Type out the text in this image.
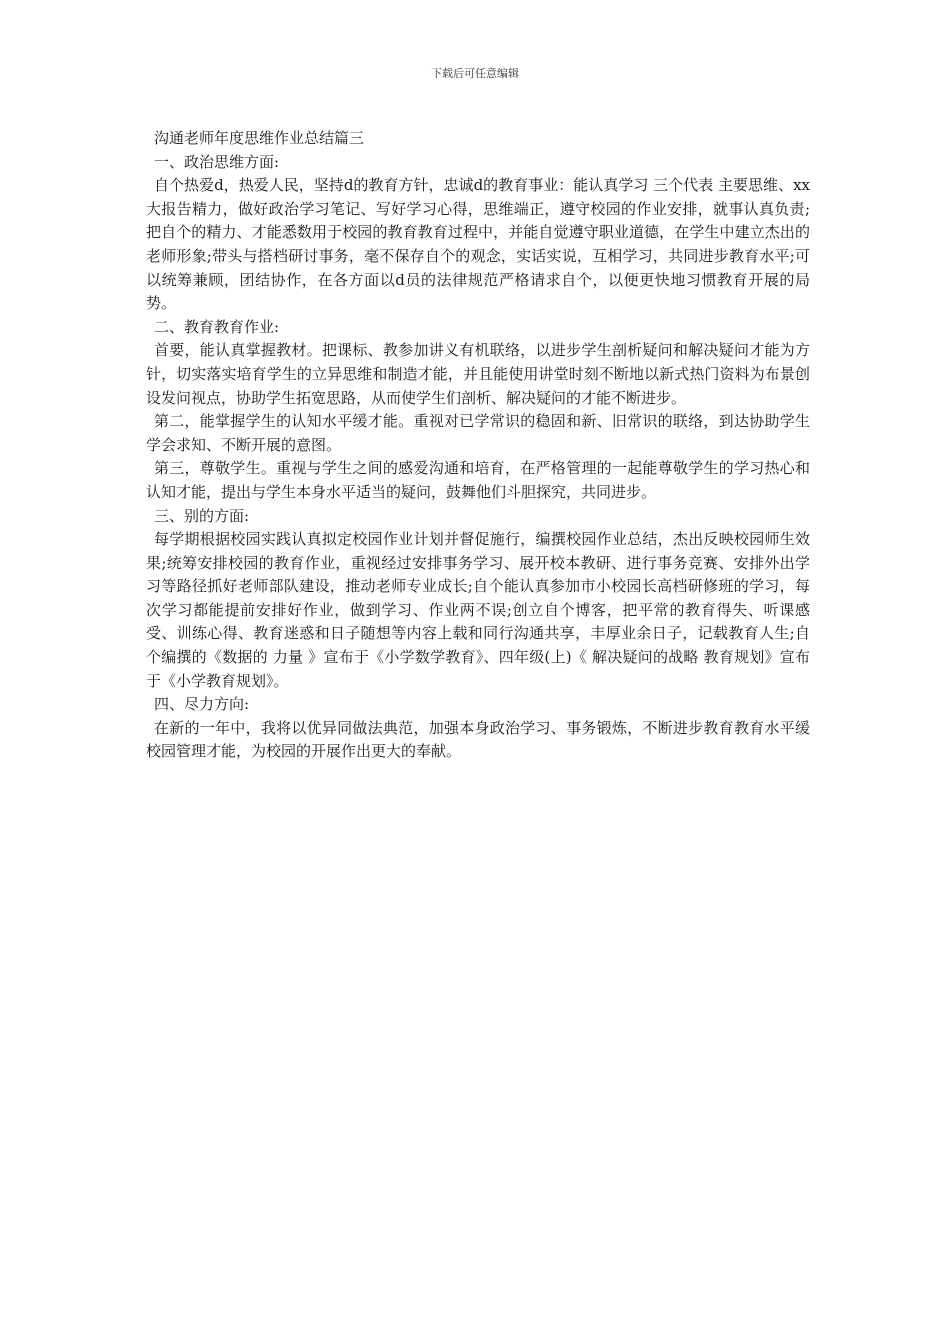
下载后可任意编辑

沟通老师年度思维作业总结篇三

一、政治思维方面:

自个热爱d，热爱人民，坚持d的教育方针，忠诚d的教育事业：能认真学习 三个代表 主要思维、xx大报告精力，做好政治学习笔记、写好学习心得，思维端正，遵守校园的作业安排，就事认真负责;把自个的精力、才能悉数用于校园的教育教育过程中，并能自觉遵守职业道德，在学生中建立杰出的老师形象;带头与搭档研讨事务，毫不保存自个的观念，实话实说，互相学习，共同进步教育水平;可以统筹兼顾，团结协作，在各方面以d员的法律规范严格请求自个，以便更快地习惯教育开展的局势。

二、教育教育作业:

首要，能认真掌握教材。把课标、教参加讲义有机联络，以进步学生剖析疑问和解决疑问才能为方针，切实落实培育学生的立异思维和制造才能，并且能使用讲堂时刻不断地以新式热门资料为布景创设发问视点，协助学生拓宽思路，从而使学生们剖析、解决疑问的才能不断进步。

第二，能掌握学生的认知水平缓才能。重视对已学常识的稳固和新、旧常识的联络，到达协助学生学会求知、不断开展的意图。

第三，尊敬学生。重视与学生之间的感爱沟通和培育，在严格管理的一起能尊敬学生的学习热心和认知才能，提出与学生本身水平适当的疑问，鼓舞他们斗胆探究，共同进步。

三、别的方面:

每学期根据校园实践认真拟定校园作业计划并督促施行，编撰校园作业总结，杰出反映校园师生效果;统筹安排校园的教育作业，重视经过安排事务学习、展开校本教研、进行事务竞赛、安排外出学习等路径抓好老师部队建设，推动老师专业成长;自个能认真参加市小校园长高档研修班的学习，每次学习都能提前安排好作业，做到学习、作业两不误;创立自个博客，把平常的教育得失、听课感受、训练心得、教育迷惑和日子随想等内容上载和同行沟通共享，丰厚业余日子，记载教育人生;自个编撰的《数据的 力量 》宣布于《小学数学教育》、四年级(上)《 解决疑问的战略 教育规划》宣布于《小学教育规划》。

四、尽力方向:

在新的一年中，我将以优异同做法典范，加强本身政治学习、事务锻炼，不断进步教育教育水平缓校园管理才能，为校园的开展作出更大的奉献。
